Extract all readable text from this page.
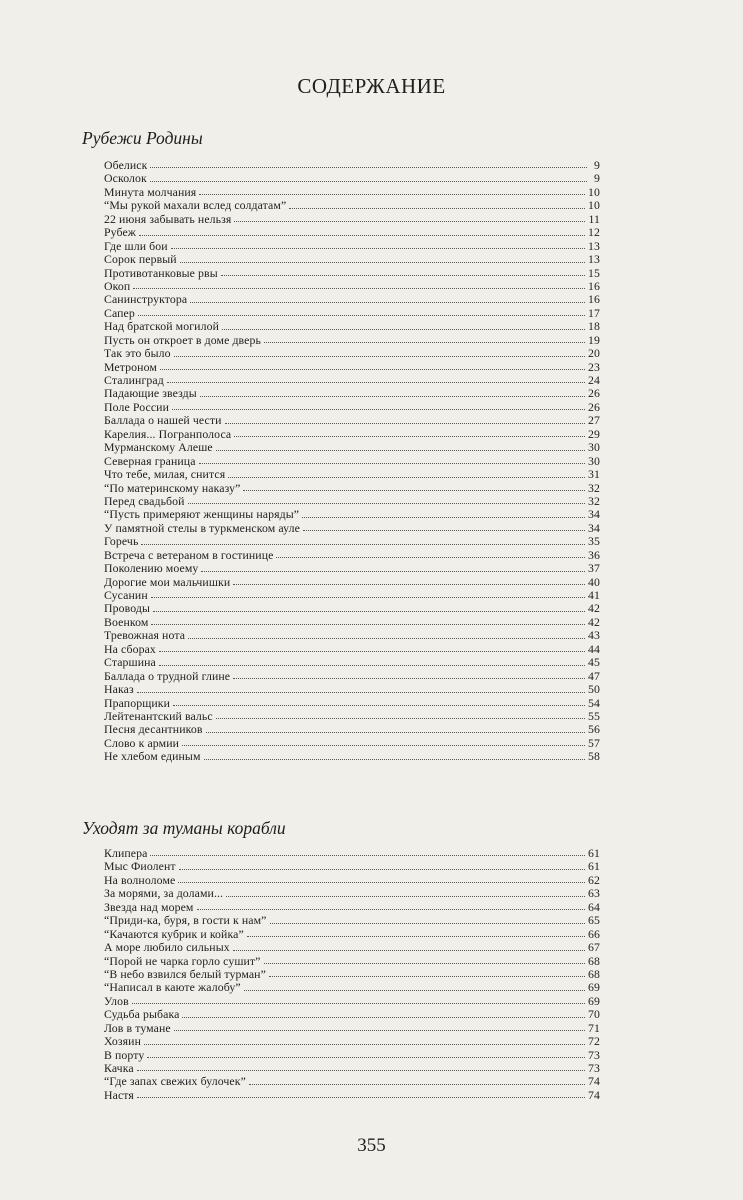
СОДЕРЖАНИЕ
Рубежи Родины
Обелиск	9
Осколок	9
Минута молчания	10
“Мы рукой махали вслед солдатам”	10
22 июня забывать нельзя	11
Рубеж	12
Где шли бои	13
Сорок первый	13
Противотанковые рвы	15
Окоп	16
Санинструктора	16
Сапер	17
Над братской могилой	18
Пусть он откроет в доме дверь	19
Так это было	20
Метроном	23
Сталинград	24
Падающие звезды	26
Поле России	26
Баллада о нашей чести	27
Карелия... Погранполоса	29
Мурманскому Алеше	30
Северная граница	30
Что тебе, милая, снится	31
“По материнскому наказу”	32
Перед свадьбой	32
“Пусть примеряют женщины наряды”	34
У памятной стелы в туркменском ауле	34
Горечь	35
Встреча с ветераном в гостинице	36
Поколению моему	37
Дорогие мои мальчишки	40
Сусанин	41
Проводы	42
Военком	42
Тревожная нота	43
На сборах	44
Старшина	45
Баллада о трудной глине	47
Наказ	50
Прапорщики	54
Лейтенантский вальс	55
Песня десантников	56
Слово к армии	57
Не хлебом единым	58
Уходят за туманы корабли
Клипера	61
Мыс Фиолент	61
На волноломе	62
За морями, за долами...	63
Звезда над морем	64
“Приди-ка, буря, в гости к нам”	65
“Качаются кубрик и койка”	66
А море любило сильных	67
“Порой не чарка горло сушит”	68
“В небо взвился белый турман”	68
“Написал в каюте жалобу”	69
Улов	69
Судьба рыбака	70
Лов в тумане	71
Хозяин	72
В порту	73
Качка	73
“Где запах свежих булочек”	74
Настя	74
355
